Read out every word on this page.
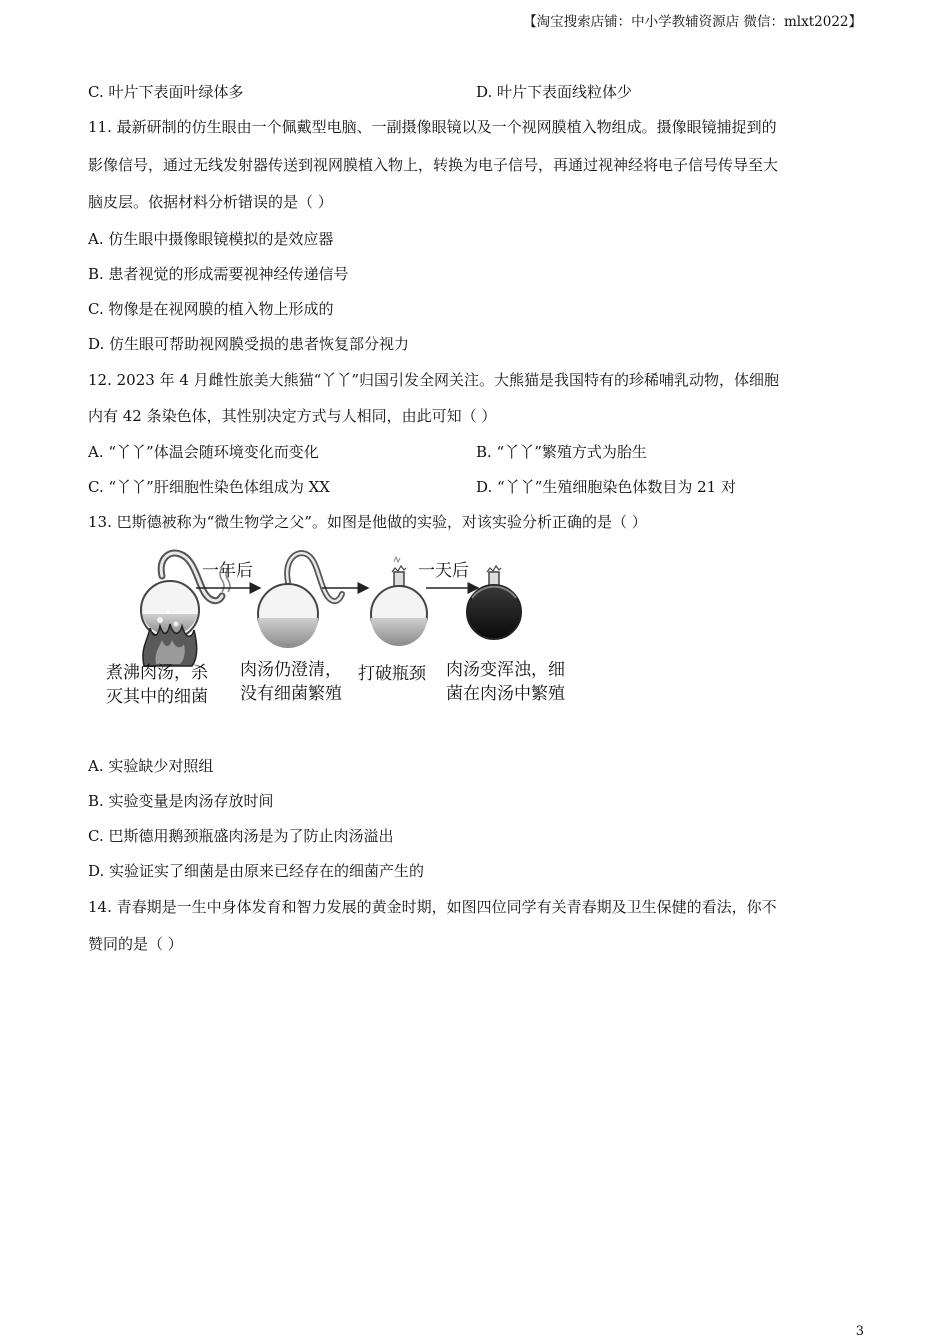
【淘宝搜索店铺：中小学教辅资源店 微信：mlxt2022】
C. 叶片下表面叶绿体多	D. 叶片下表面线粒体少
11. 最新研制的仿生眼由一个佩戴型电脑、一副摄像眼镜以及一个视网膜植入物组成。摄像眼镜捕捉到的
影像信号，通过无线发射器传送到视网膜植入物上，转换为电子信号，再通过视神经将电子信号传导至大
脑皮层。依据材料分析错误的是（ ）
A. 仿生眼中摄像眼镜模拟的是效应器
B. 患者视觉的形成需要视神经传递信号
C. 物像是在视网膜的植入物上形成的
D. 仿生眼可帮助视网膜受损的患者恢复部分视力
12. 2023 年 4 月雌性旅美大熊猫“丫丫”归国引发全网关注。大熊猫是我国特有的珍稀哺乳动物，体细胞
内有 42 条染色体，其性别决定方式与人相同，由此可知（ ）
A. “丫丫”体温会随环境变化而变化	B. “丫丫”繁殖方式为胎生
C. “丫丫”肝细胞性染色体组成为 XX	D. “丫丫”生殖细胞染色体数目为 21 对
13. 巴斯德被称为“微生物学之父”。如图是他做的实验，对该实验分析正确的是（ ）
一年后	一天后
煮沸肉汤，杀
灭其中的细菌
肉汤仍澄清，
没有细菌繁殖
打破瓶颈 肉汤变浑浊，细
菌在肉汤中繁殖
A. 实验缺少对照组
B. 实验变量是肉汤存放时间
C. 巴斯德用鹅颈瓶盛肉汤是为了防止肉汤溢出
D. 实验证实了细菌是由原来已经存在的细菌产生的
14. 青春期是一生中身体发育和智力发展的黄金时期，如图四位同学有关青春期及卫生保健的看法，你不
赞同的是（ ）
3
